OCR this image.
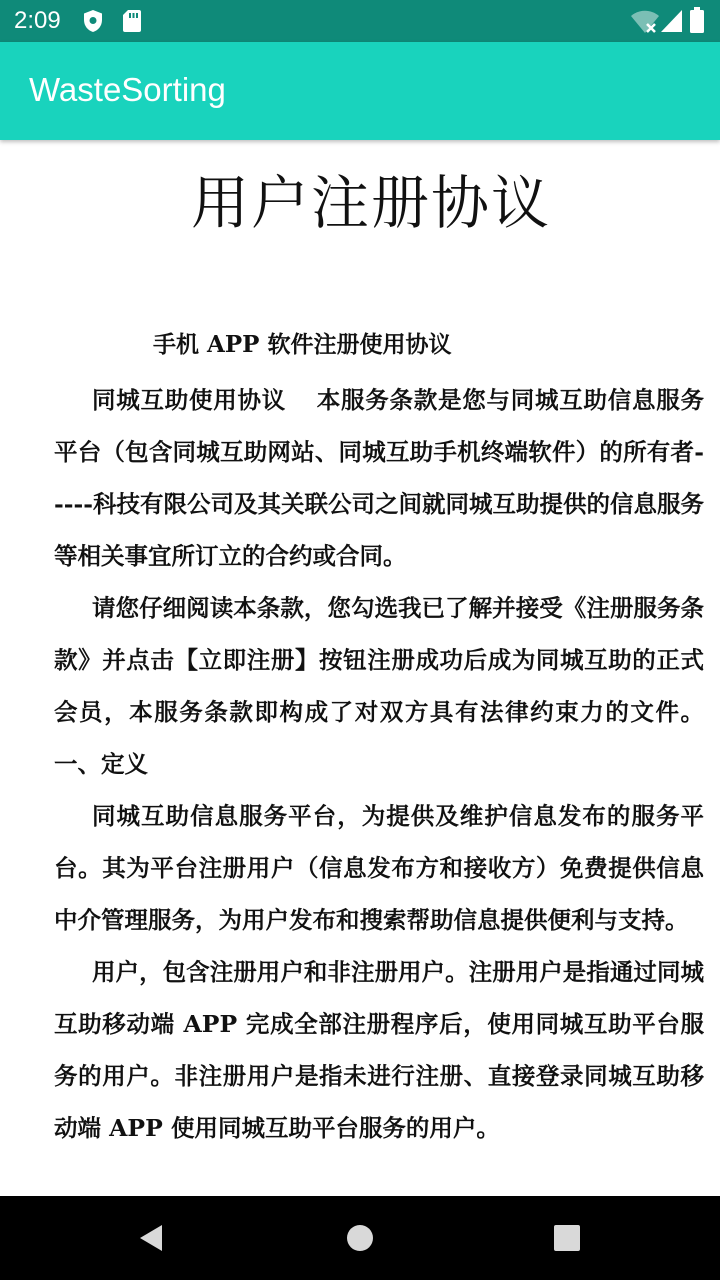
2:09
WasteSorting
用户注册协议
手机 APP 软件注册使用协议

同城互助使用协议 本服务条款是您与同城互助信息服务平台（包含同城互助网站、同城互助手机终端软件）的所有者-----科技有限公司及其关联公司之间就同城互助提供的信息服务等相关事宜所订立的合约或合同。

请您仔细阅读本条款，您勾选我已了解并接受《注册服务条款》并点击【立即注册】按钮注册成功后成为同城互助的正式会员，本服务条款即构成了对双方具有法律约束力的文件。 一、定义

同城互助信息服务平台，为提供及维护信息发布的服务平台。其为平台注册用户（信息发布方和接收方）免费提供信息中介管理服务，为用户发布和搜索帮助信息提供便利与支持。

用户，包含注册用户和非注册用户。注册用户是指通过同城互助移动端 APP 完成全部注册程序后，使用同城互助平台服务的用户。非注册用户是指未进行注册、直接登录同城互助移动端 APP 使用同城互助平台服务的用户。
